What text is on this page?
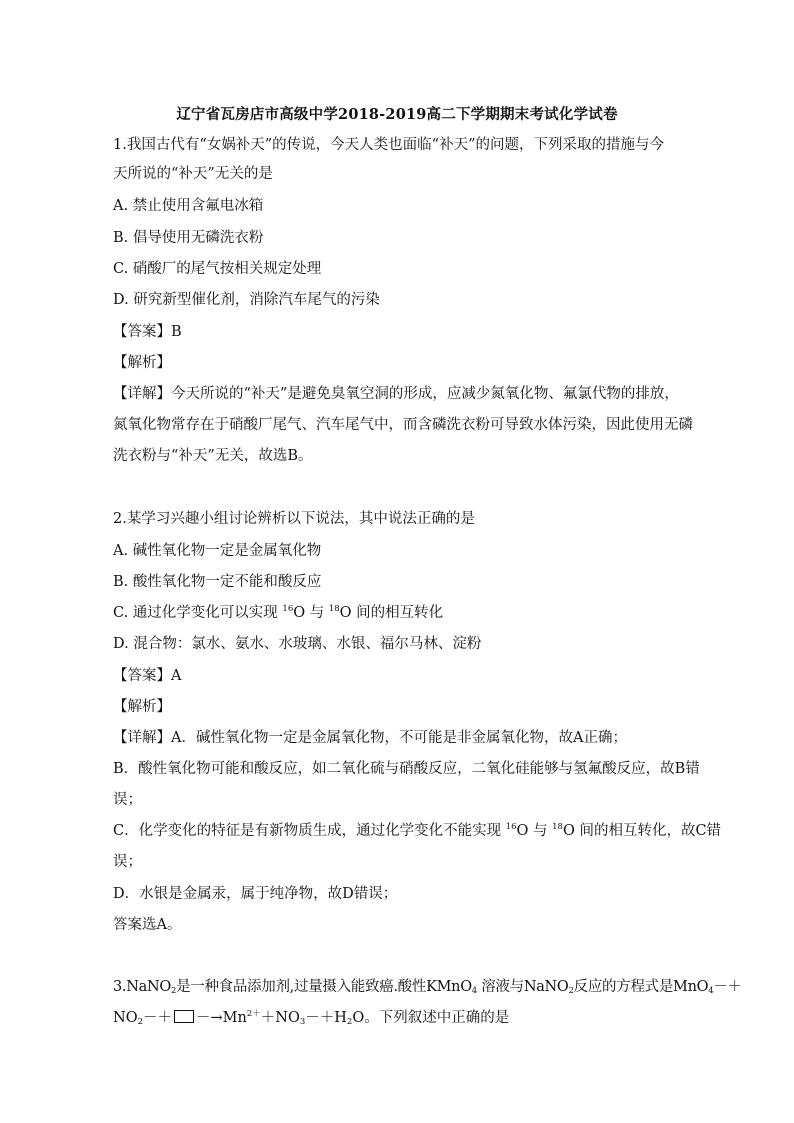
辽宁省瓦房店市高级中学2018-2019高二下学期期末考试化学试卷
1.我国古代有“女娲补天”的传说，今天人类也面临“补天”的问题，下列采取的措施与今
天所说的“补天”无关的是
A. 禁止使用含氟电冰箱
B. 倡导使用无磷洗衣粉
C. 硝酸厂的尾气按相关规定处理
D. 研究新型催化剂，消除汽车尾气的污染
【答案】B
【解析】
【详解】今天所说的“补天”是避免臭氧空洞的形成，应减少氮氧化物、氟氯代物的排放，
氮氧化物常存在于硝酸厂尾气、汽车尾气中，而含磷洗衣粉可导致水体污染，因此使用无磷
洗衣粉与“补天”无关，故选B。
2.某学习兴趣小组讨论辨析以下说法，其中说法正确的是
A. 碱性氧化物一定是金属氧化物
B. 酸性氧化物一定不能和酸反应
C. 通过化学变化可以实现 $^{16}$O 与 $^{18}$O 间的相互转化
D. 混合物：氯水、氨水、水玻璃、水银、福尔马林、淀粉
【答案】A
【解析】
【详解】A．碱性氧化物一定是金属氧化物，不可能是非金属氧化物，故A正确；
B．酸性氧化物可能和酸反应，如二氧化硫与硝酸反应，二氧化硅能够与氢氟酸反应，故B错
误；
C．化学变化的特征是有新物质生成，通过化学变化不能实现 $^{16}$O 与 $^{18}$O 间的相互转化，故C错
误；
D．水银是金属汞，属于纯净物，故D错误；
答案选A。
3.NaNO$_2$是一种食品添加剂,过量摄入能致癌.酸性KMnO$_4$ 溶液与NaNO$_2$反应的方程式是MnO$_4$－＋
$NO_2-+ -\to Mn^{2+}+NO_3-+H_2O$。下列叙述中正确的是
